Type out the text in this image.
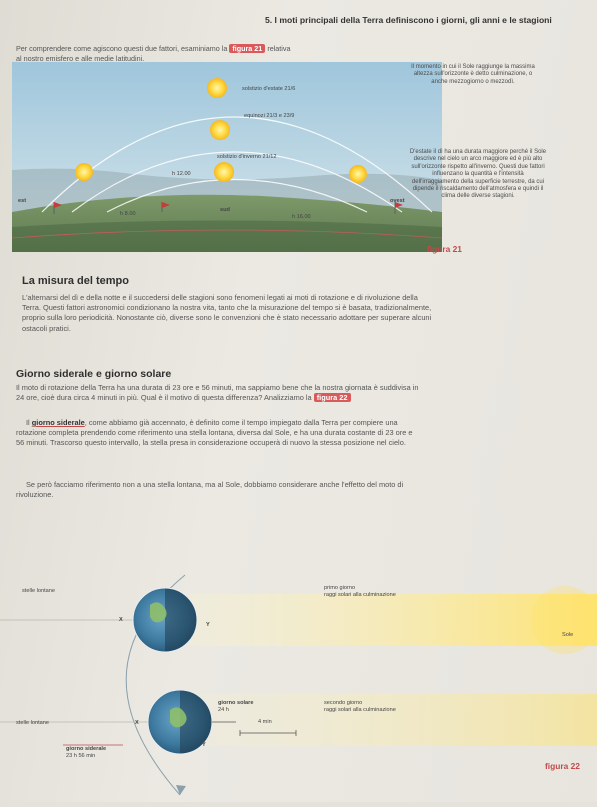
5. I moti principali della Terra definiscono i giorni, gli anni e le stagioni
Per comprendere come agiscono questi due fattori, esaminiamo la figura 21 relativa
al nostro emisfero e alle medie latitudini.
solstizio d'estate 21/6
equinozi 21/3 e 23/9
solstizio d'inverno 21/12
h 12.00
h 8.00	h 16.00
est
sud
ovest
Il momento in cui il Sole raggiunge la massima altezza sull'orizzonte è detto culminazione, o anche mezzogiorno o mezzodì.
D'estate il dì ha una durata maggiore perché il Sole descrive nel cielo un arco maggiore ed è più alto sull'orizzonte rispetto all'inverno. Questi due fattori influenzano la quantità e l'intensità dell'irraggiamento della superficie terrestre, da cui dipende il riscaldamento dell'atmosfera e quindi il clima delle diverse stagioni.
figura 21
La misura del tempo
L'alternarsi del dì e della notte e il succedersi delle stagioni sono fenomeni legati ai moti di rotazione e di rivoluzione della Terra. Questi fattori astronomici condizionano la nostra vita, tanto che la misurazione del tempo si è basata, tradizionalmente, proprio sulla loro periodicità. Nonostante ciò, diverse sono le convenzioni che è stato necessario adottare per superare alcuni ostacoli pratici.
Giorno siderale e giorno solare
Il moto di rotazione della Terra ha una durata di 23 ore e 56 minuti, ma sappiamo bene che la nostra giornata è suddivisa in 24 ore, cioè dura circa 4 minuti in più. Qual è il motivo di questa differenza? Analizziamo la figura 22
Il giorno siderale, come abbiamo già accennato, è definito come il tempo impiegato dalla Terra per compiere una rotazione completa prendendo come riferimento una stella lontana, diversa dal Sole, e ha una durata costante di 23 ore e 56 minuti. Trascorso questo intervallo, la stella presa in considerazione occuperà di nuovo la stessa posizione nel cielo.
Se però facciamo riferimento non a una stella lontana, ma al Sole, dobbiamo considerare anche l'effetto del moto di rivoluzione.
stelle lontane
stelle lontane
X
Y
X
Y
primo giorno
raggi solari alla culminazione
secondo giorno
raggi solari alla culminazione
Sole
giorno solare
24 h
4 min
giorno siderale
23 h 56 min
figura 22
